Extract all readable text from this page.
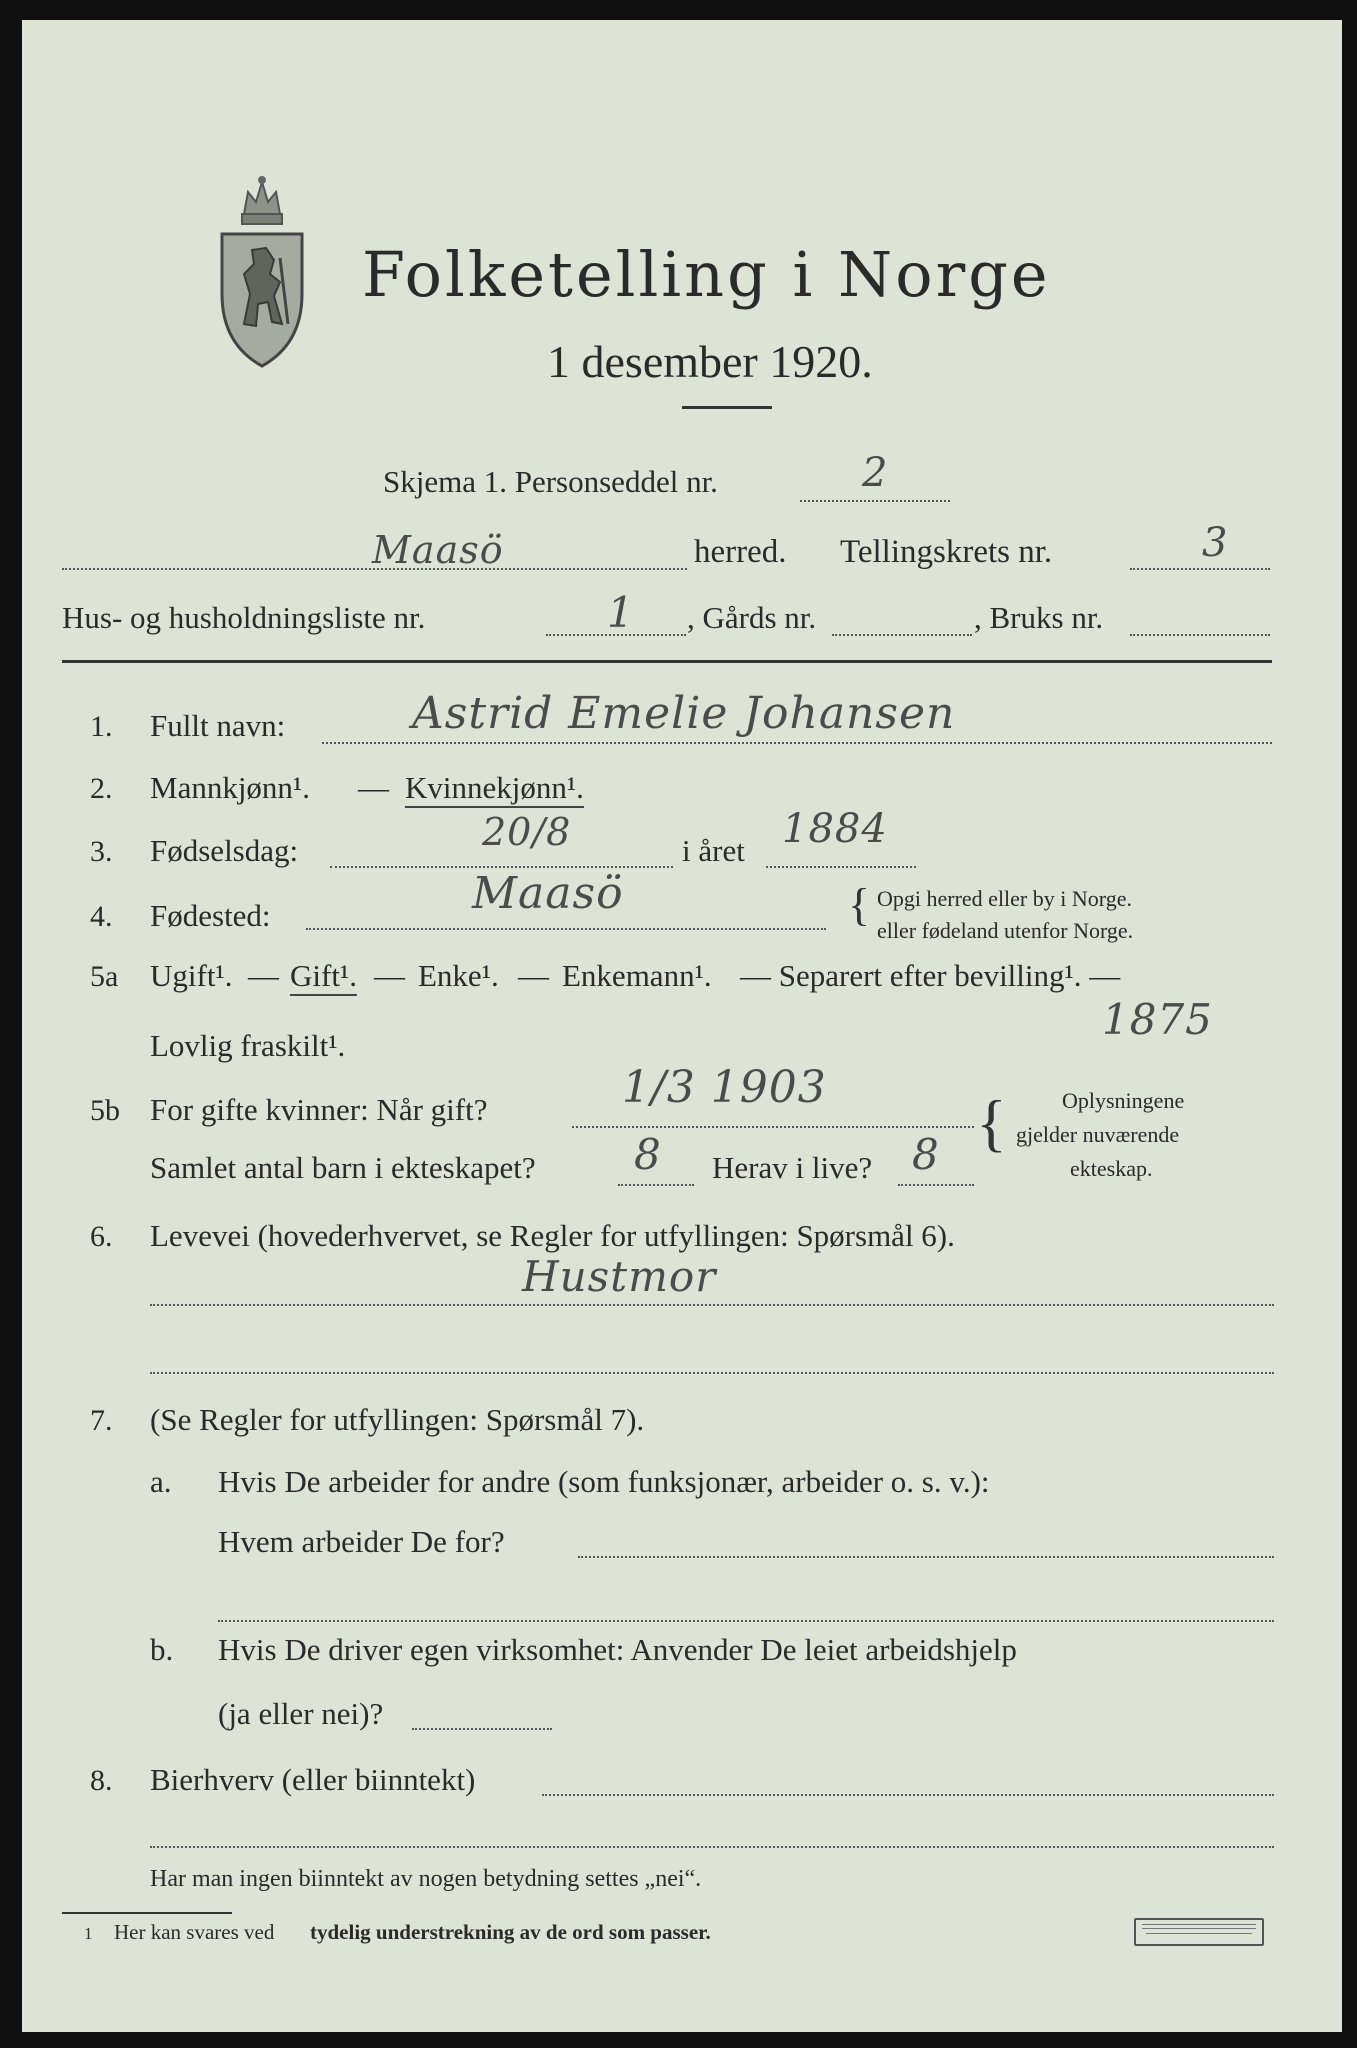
Folketelling i Norge
1 desember 1920.
Skjema 1. Personseddel nr.	2
Maasö	herred. Tellingskrets nr.	3
Hus- og husholdningsliste nr.	1 , Gårds nr.	, Bruks nr.
1. Fullt navn:	Astrid Emelie Johansen
2. Mannkjønn¹. — Kvinnekjønn¹.
3. Fødselsdag:	20/8	i året 1884
4. Fødested:	Maasö	{ Opgi herred eller by i Norge.
eller fødeland utenfor Norge.
5a Ugift¹. — Gift¹. — Enke¹. — Enkemann¹. — Separert efter bevilling¹. —
Lovlig fraskilt¹.
1875
5b For gifte kvinner: Når gift?	1/3 1903
Samlet antal barn i ekteskapet? 8 Herav i live? 8 {	Oplysningene
gjelder nuværende
ekteskap.
6. Levevei (hovederhvervet, se Regler for utfyllingen: Spørsmål 6).
Hustmor
7. (Se Regler for utfyllingen: Spørsmål 7).
a. Hvis De arbeider for andre (som funksjonær, arbeider o. s. v.):
Hvem arbeider De for?
b. Hvis De driver egen virksomhet: Anvender De leiet arbeidshjelp
(ja eller nei)?
8. Bierhverv (eller biinntekt)
Har man ingen biinntekt av nogen betydning settes „nei“.
1 Her kan svares ved tydelig understrekning av de ord som passer.
